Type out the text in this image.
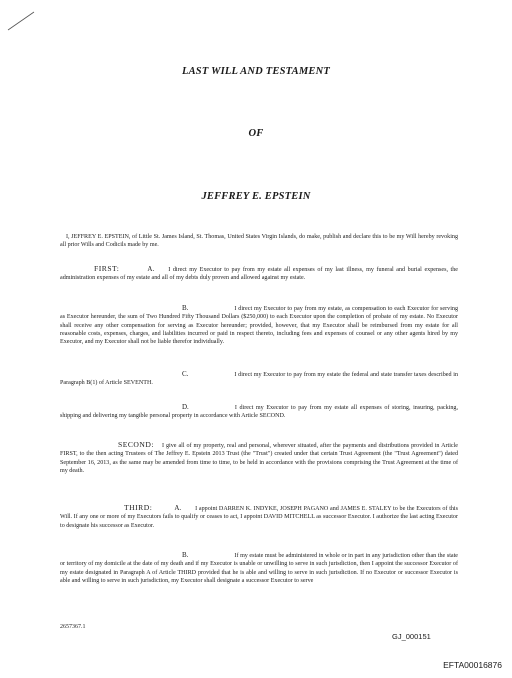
LAST WILL AND TESTAMENT
OF
JEFFREY E. EPSTEIN
I, JEFFREY E. EPSTEIN, of Little St. James Island, St. Thomas, United States Virgin Islands, do make, publish and declare this to be my Will hereby revoking all prior Wills and Codicils made by me.
FIRST:	A. I direct my Executor to pay from my estate all expenses of my last illness, my funeral and burial expenses, the administration expenses of my estate and all of my debts duly proven and allowed against my estate.
B.	I direct my Executor to pay from my estate, as compensation to each Executor for serving as Executor hereunder, the sum of Two Hundred Fifty Thousand Dollars ($250,000) to each Executor upon the completion of probate of my estate. No Executor shall receive any other compensation for serving as Executor hereunder; provided, however, that my Executor shall be reimbursed from my estate for all reasonable costs, expenses, charges, and liabilities incurred or paid in respect thereto, including fees and expenses of counsel or any other agents hired by my Executor, and my Executor shall not be liable therefor individually.
C.	I direct my Executor to pay from my estate the federal and state transfer taxes described in Paragraph B(1) of Article SEVENTH.
D.	I direct my Executor to pay from my estate all expenses of storing, insuring, packing, shipping and delivering my tangible personal property in accordance with Article SECOND.
SECOND: I give all of my property, real and personal, wherever situated, after the payments and distributions provided in Article FIRST, to the then acting Trustees of The Jeffrey E. Epstein 2013 Trust (the "Trust") created under that certain Trust Agreement (the "Trust Agreement") dated September 16, 2013, as the same may be amended from time to time, to be held in accordance with the provisions comprising the Trust Agreement at the time of my death.
THIRD:	A. I appoint DARREN K. INDYKE, JOSEPH PAGANO and JAMES E. STALEY to be the Executors of this Will. If any one or more of my Executors fails to qualify or ceases to act, I appoint DAVID MITCHELL as successor Executor. I authorize the last acting Executor to designate his successor as Executor.
B.	If my estate must be administered in whole or in part in any jurisdiction other than the state or territory of my domicile at the date of my death and if my Executor is unable or unwilling to serve in such jurisdiction, then I appoint the successor Executor of my estate designated in Paragraph A of Article THIRD provided that he is able and willing to serve in such jurisdiction. If no Executor or successor Executor is able and willing to serve in such jurisdiction, my Executor shall designate a successor Executor to serve
2657367.1
GJ_000151
EFTA00016876
